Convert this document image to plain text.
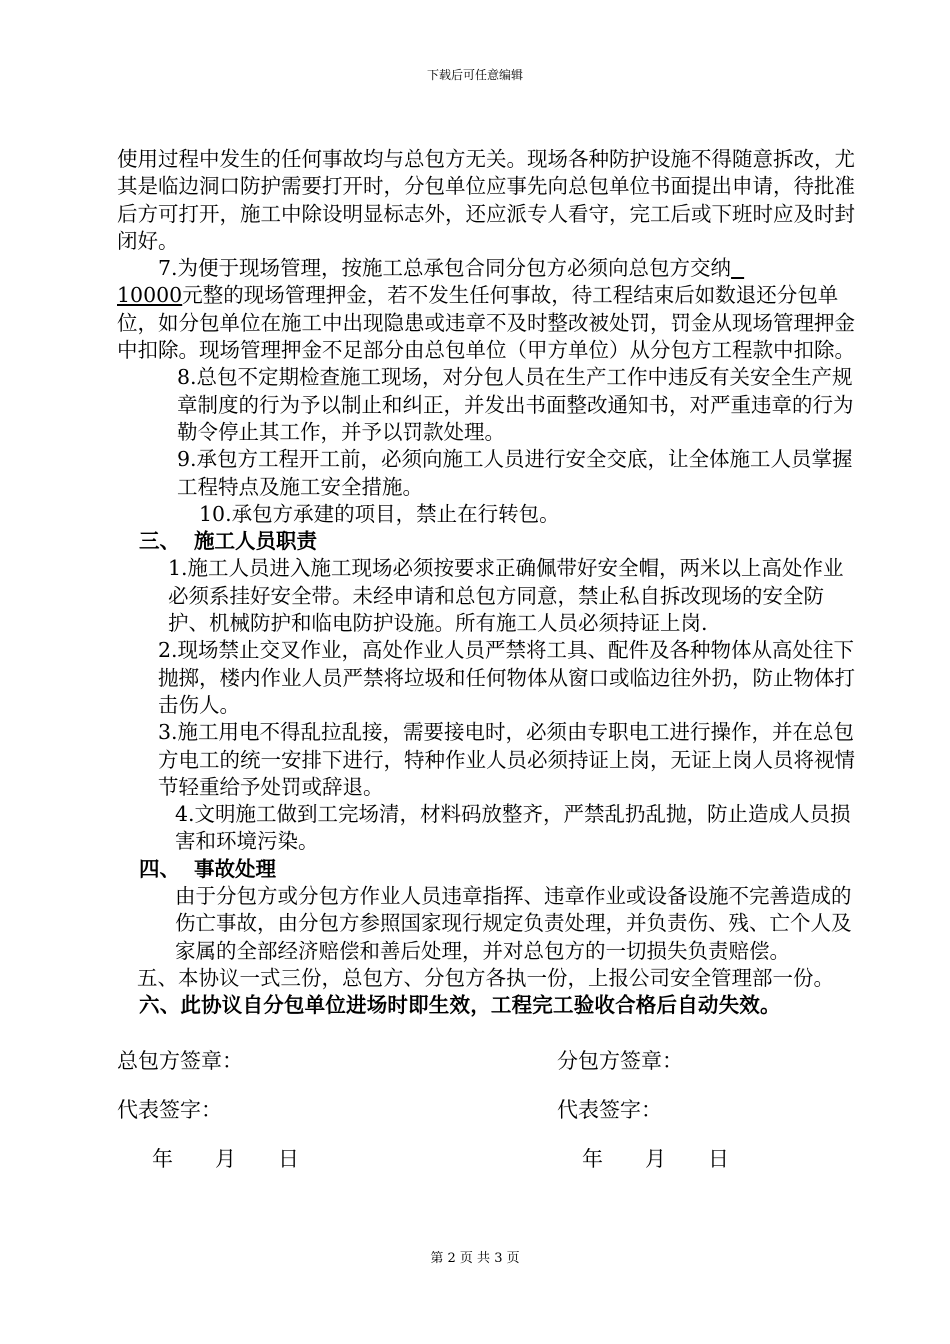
下载后可任意编辑

使用过程中发生的任何事故均与总包方无关。现场各种防护设施不得随意拆改，尤其是临边洞口防护需要打开时，分包单位应事先向总包单位书面提出申请，待批准后方可打开，施工中除设明显标志外，还应派专人看守，完工后或下班时应及时封闭好。

7.为便于现场管理，按施工总承包合同分包方必须向总包方交纳

10000元整的现场管理押金，若不发生任何事故，待工程结束后如数退还分包单位，如分包单位在施工中出现隐患或违章不及时整改被处罚，罚金从现场管理押金中扣除。现场管理押金不足部分由总包单位（甲方单位）从分包方工程款中扣除。

8.总包不定期检查施工现场，对分包人员在生产工作中违反有关安全生产规章制度的行为予以制止和纠正，并发出书面整改通知书，对严重违章的行为勒令停止其工作，并予以罚款处理。

9.承包方工程开工前，必须向施工人员进行安全交底，让全体施工人员掌握工程特点及施工安全措施。

10.承包方承建的项目，禁止在行转包。

三、 施工人员职责

1.施工人员进入施工现场必须按要求正确佩带好安全帽，两米以上高处作业必须系挂好安全带。未经申请和总包方同意，禁止私自拆改现场的安全防护、机械防护和临电防护设施。所有施工人员必须持证上岗.

2.现场禁止交叉作业，高处作业人员严禁将工具、配件及各种物体从高处往下抛掷，楼内作业人员严禁将垃圾和任何物体从窗口或临边往外扔，防止物体打击伤人。

3.施工用电不得乱拉乱接，需要接电时，必须由专职电工进行操作，并在总包方电工的统一安排下进行，特种作业人员必须持证上岗，无证上岗人员将视情节轻重给予处罚或辞退。

4.文明施工做到工完场清，材料码放整齐，严禁乱扔乱抛，防止造成人员损害和环境污染。

四、 事故处理

由于分包方或分包方作业人员违章指挥、违章作业或设备设施不完善造成的伤亡事故，由分包方参照国家现行规定负责处理，并负责伤、残、亡个人及家属的全部经济赔偿和善后处理，并对总包方的一切损失负责赔偿。

五、本协议一式三份，总包方、分包方各执一份，上报公司安全管理部一份。

六、此协议自分包单位进场时即生效，工程完工验收合格后自动失效。

总包方签章：	分包方签章：
代表签字：	代表签字：
年　　月　　日	年　　月　　日
第 2 页 共 3 页
